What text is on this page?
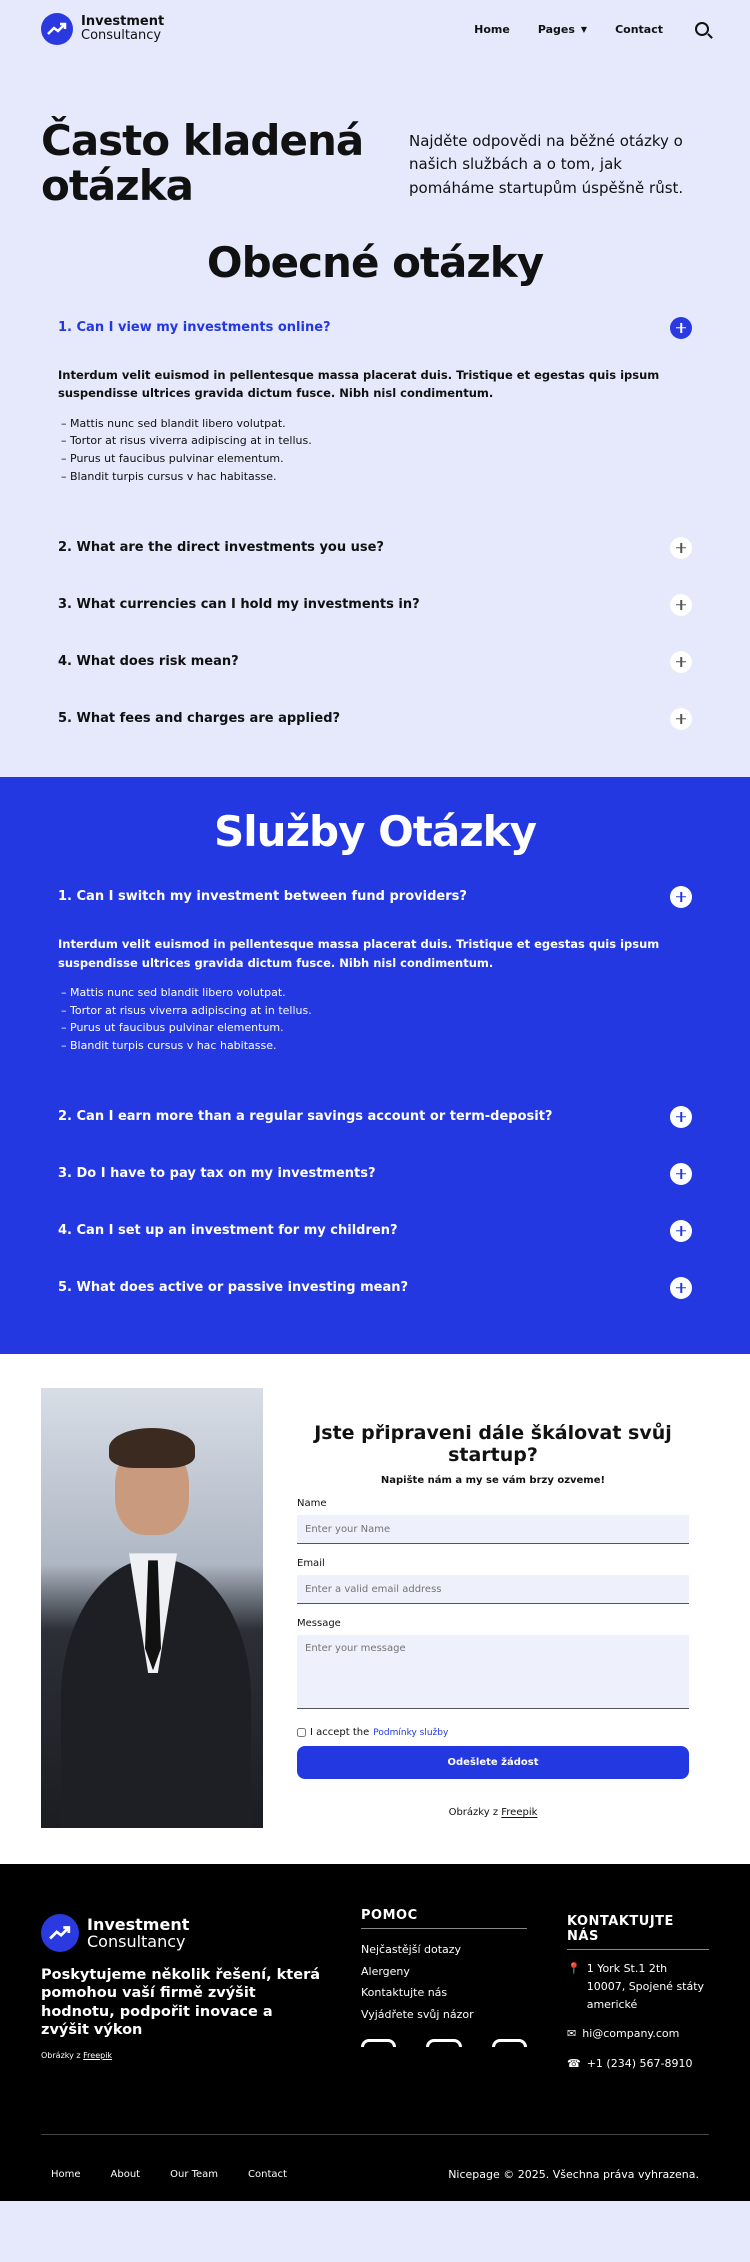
Investment
Consultancy	Home	Pages ▼	Contact
Často kladená otázka

Najděte odpovědi na běžné otázky o našich službách a o tom, jak pomáháme startupům úspěšně růst.

Obecné otázky
1. Can I view my investments online?

Interdum velit euismod in pellentesque massa placerat duis. Tristique et egestas quis ipsum suspendisse ultrices gravida dictum fusce. Nibh nisl condimentum.

– Mattis nunc sed blandit libero volutpat.
– Tortor at risus viverra adipiscing at in tellus.
– Purus ut faucibus pulvinar elementum.
– Blandit turpis cursus v hac habitasse.
2. What are the direct investments you use?
3. What currencies can I hold my investments in?
4. What does risk mean?
5. What fees and charges are applied?
Služby Otázky
1. Can I switch my investment between fund providers?

Interdum velit euismod in pellentesque massa placerat duis. Tristique et egestas quis ipsum suspendisse ultrices gravida dictum fusce. Nibh nisl condimentum.

– Mattis nunc sed blandit libero volutpat.
– Tortor at risus viverra adipiscing at in tellus.
– Purus ut faucibus pulvinar elementum.
– Blandit turpis cursus v hac habitasse.
2. Can I earn more than a regular savings account or term-deposit?
3. Do I have to pay tax on my investments?
4. Can I set up an investment for my children?
5. What does active or passive investing mean?
Jste připraveni dále škálovat svůj startup?

Napište nám a my se vám brzy ozveme!

Name
Enter your Name
Email
Enter a valid email address
Message
Enter your message
I accept the Podmínky služby
Odešlete žádost

Obrázky z Freepik

Investment
Consultancy

Poskytujeme několik řešení, která pomohou vaší firmě zvýšit hodnotu, podpořit inovace a zvýšit výkon

Obrázky z Freepik

POMOC
Nejčastější dotazy
Alergeny
Kontaktujte nás
Vyjádřete svůj názor
KONTAKTUJTE NÁS
📍 1 York St.1 2th 10007, Spojené státy americké
✉ hi@company.com
☎ +1 (234) 567-8910
Home	About	Our Team	Contact	Nicepage © 2025. Všechna práva vyhrazena.
